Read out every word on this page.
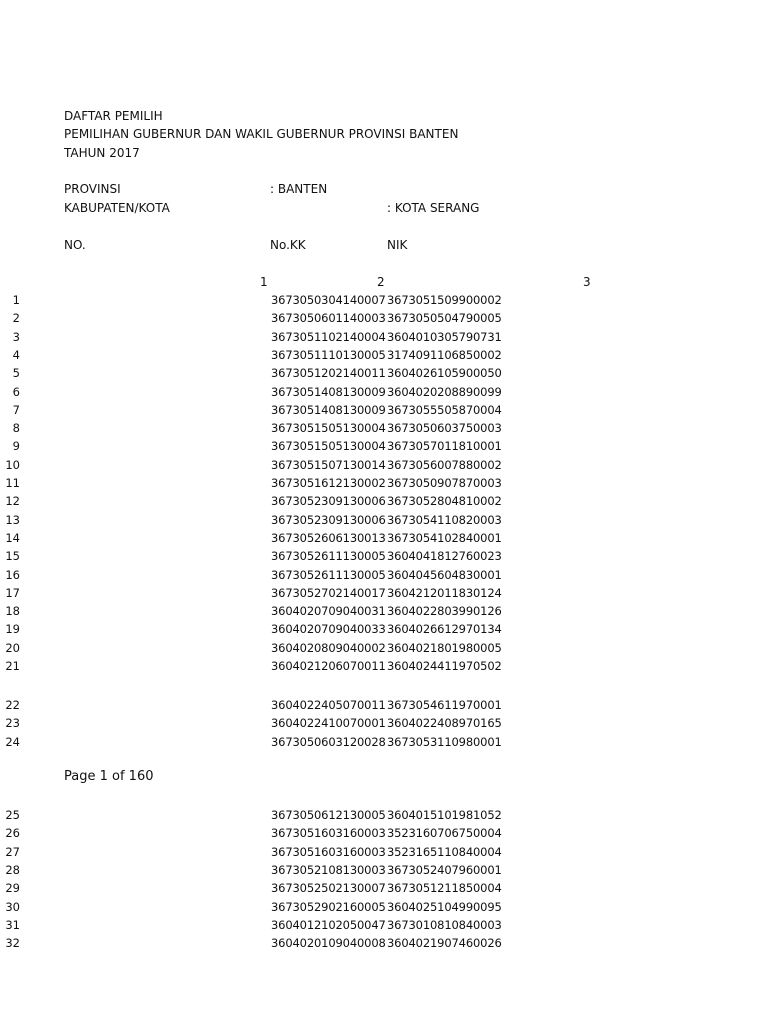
DAFTAR PEMILIH
PEMILIHAN GUBERNUR DAN WAKIL GUBERNUR PROVINSI BANTEN
TAHUN 2017
PROVINSI	: BANTEN
KABUPATEN/KOTA	: KOTA SERANG
NO.	No.KK	NIK
1	2	3
1	3673050304140007 3673051509900002
2	3673050601140003 3673050504790005
3	3673051102140004 3604010305790731
4	3673051110130005 3174091106850002
5	3673051202140011 3604026105900050
6	3673051408130009 3604020208890099
7	3673051408130009 3673055505870004
8	3673051505130004 3673050603750003
9	3673051505130004 3673057011810001
10	3673051507130014 3673056007880002
11	3673051612130002 3673050907870003
12	3673052309130006 3673052804810002
13	3673052309130006 3673054110820003
14	3673052606130013 3673054102840001
15	3673052611130005 3604041812760023
16	3673052611130005 3604045604830001
17	3673052702140017 3604212011830124
18	3604020709040031 3604022803990126
19	3604020709040033 3604026612970134
20	3604020809040002 3604021801980005
21	3604021206070011 3604024411970502
22	3604022405070011 3673054611970001
23	3604022410070001 3604022408970165
24	3673050603120028 3673053110980001
Page 1 of 160
25	3673050612130005 3604015101981052
26	3673051603160003 3523160706750004
27	3673051603160003 3523165110840004
28	3673052108130003 3673052407960001
29	3673052502130007 3673051211850004
30	3673052902160005 3604025104990095
31	3604012102050047 3673010810840003
32	3604020109040008 3604021907460026
